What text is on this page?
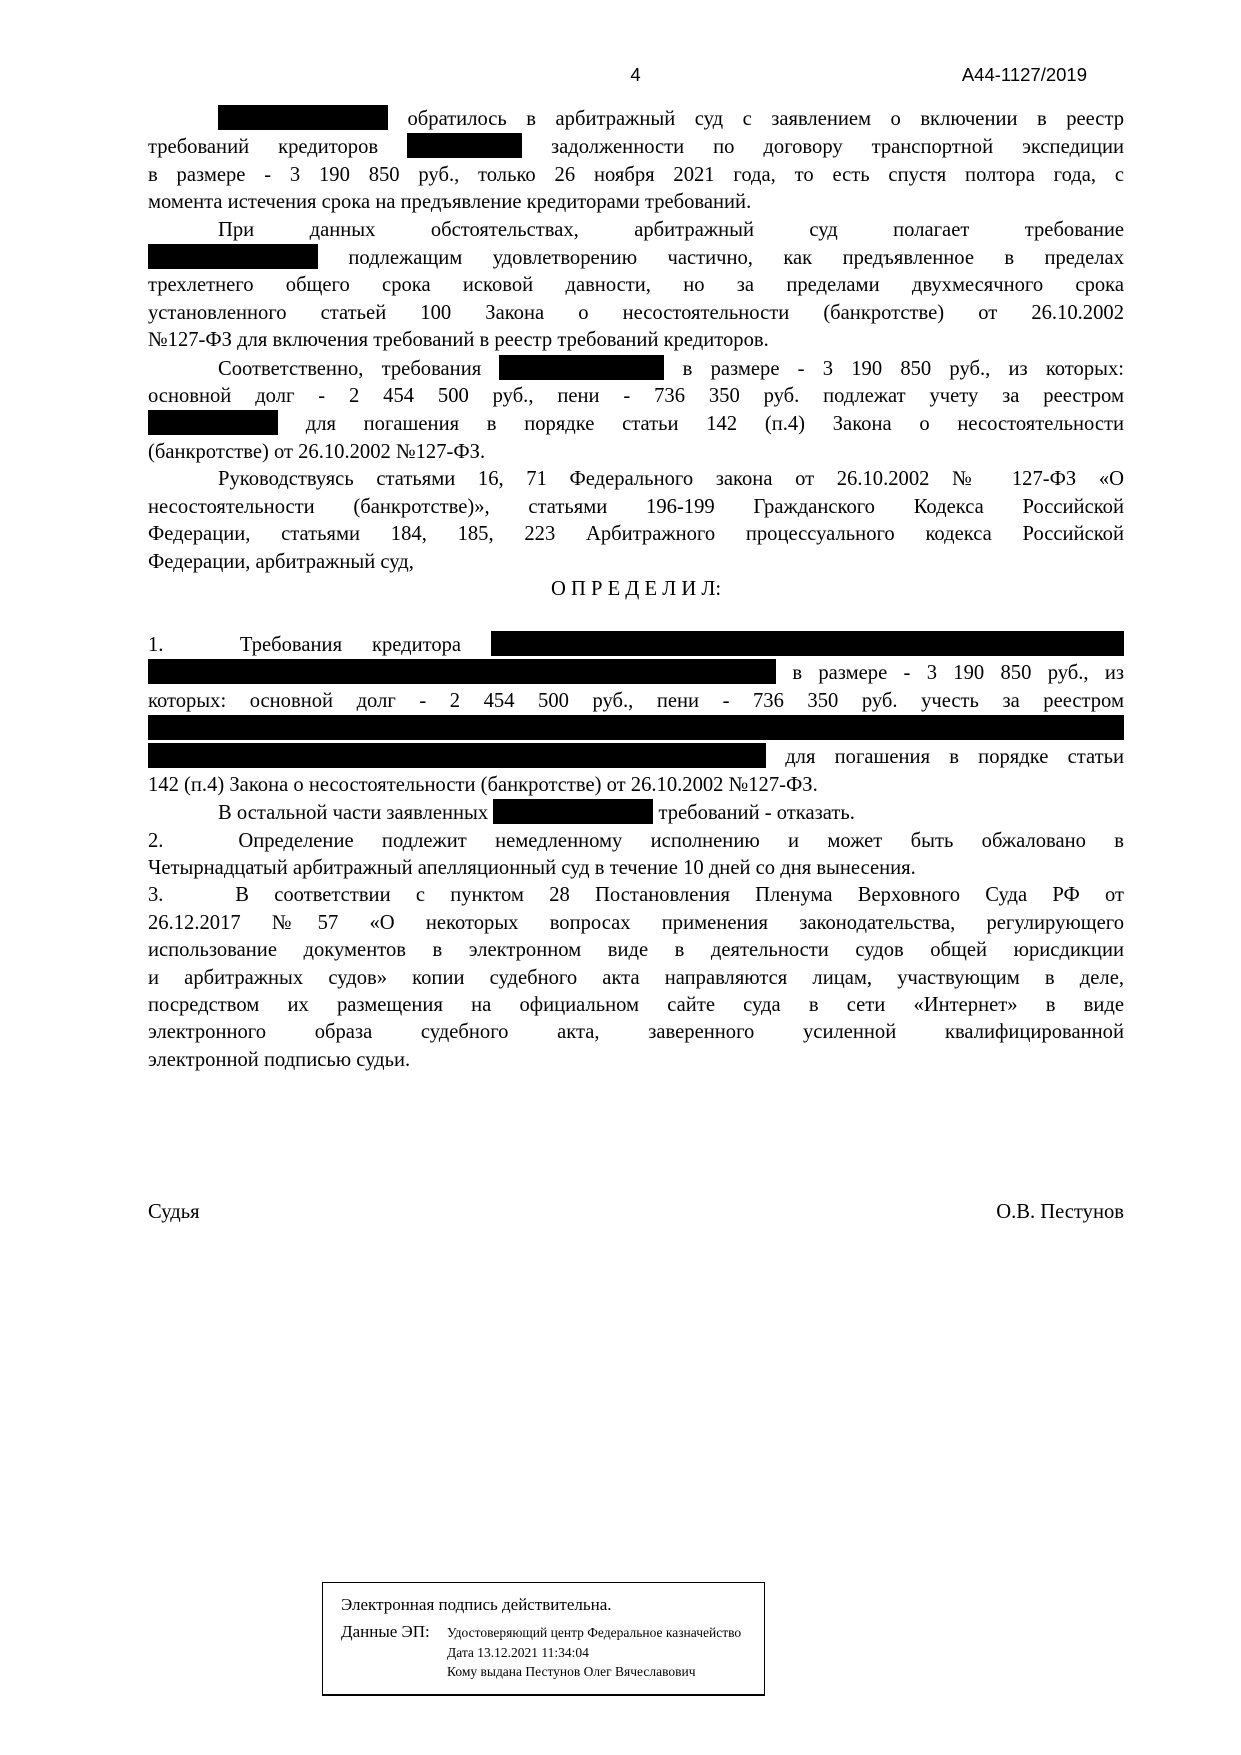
4	А44-1127/2019
обратилось в арбитражный суд с заявлением о включении в реестр
требований кредиторов	задолженности по договору транспортной экспедиции
в размере - 3 190 850 руб., только 26 ноября 2021 года, то есть спустя полтора года, с
момента истечения срока на предъявление кредиторами требований.
При данных обстоятельствах, арбитражный суд полагает требование
подлежащим удовлетворению частично, как предъявленное в пределах
трехлетнего общего срока исковой давности, но за пределами двухмесячного срока
установленного статьей 100 Закона о несостоятельности (банкротстве) от 26.10.2002
№127-ФЗ для включения требований в реестр требований кредиторов.
Соответственно, требования	в размере - 3 190 850 руб., из которых:
основной долг - 2 454 500 руб., пени - 736 350 руб. подлежат учету за реестром
для погашения в порядке статьи 142 (п.4) Закона о несостоятельности
(банкротстве) от 26.10.2002 №127-ФЗ.
Руководствуясь статьями 16, 71 Федерального закона от 26.10.2002 № 127-ФЗ «О
несостоятельности (банкротстве)», статьями 196-199 Гражданского Кодекса Российской
Федерации, статьями 184, 185, 223 Арбитражного процессуального кодекса Российской
Федерации, арбитражный суд,
О П Р Е Д Е Л И Л:

1.	Требования кредитора
в размере - 3 190 850 руб., из
которых: основной долг - 2 454 500 руб., пени - 736 350 руб. учесть за реестром
для погашения в порядке статьи
142 (п.4) Закона о несостоятельности (банкротстве) от 26.10.2002 №127-ФЗ.
В остальной части заявленных	требований - отказать.
2.	Определение подлежит немедленному исполнению и может быть обжаловано в
Четырнадцатый арбитражный апелляционный суд в течение 10 дней со дня вынесения.
3.	В соответствии с пунктом 28 Постановления Пленума Верховного Суда РФ от
26.12.2017 №57 «О некоторых вопросах применения законодательства, регулирующего
использование документов в электронном виде в деятельности судов общей юрисдикции
и арбитражных судов» копии судебного акта направляются лицам, участвующим в деле,
посредством их размещения на официальном сайте суда в сети «Интернет» в виде
электронного образа судебного акта, заверенного усиленной квалифицированной
электронной подписью судьи.
Судья	О.В. Пестунов
Электронная подпись действительна.
Данные ЭП:	Удостоверяющий центр Федеральное казначейство
Дата 13.12.2021 11:34:04
Кому выдана Пестунов Олег Вячеславович
